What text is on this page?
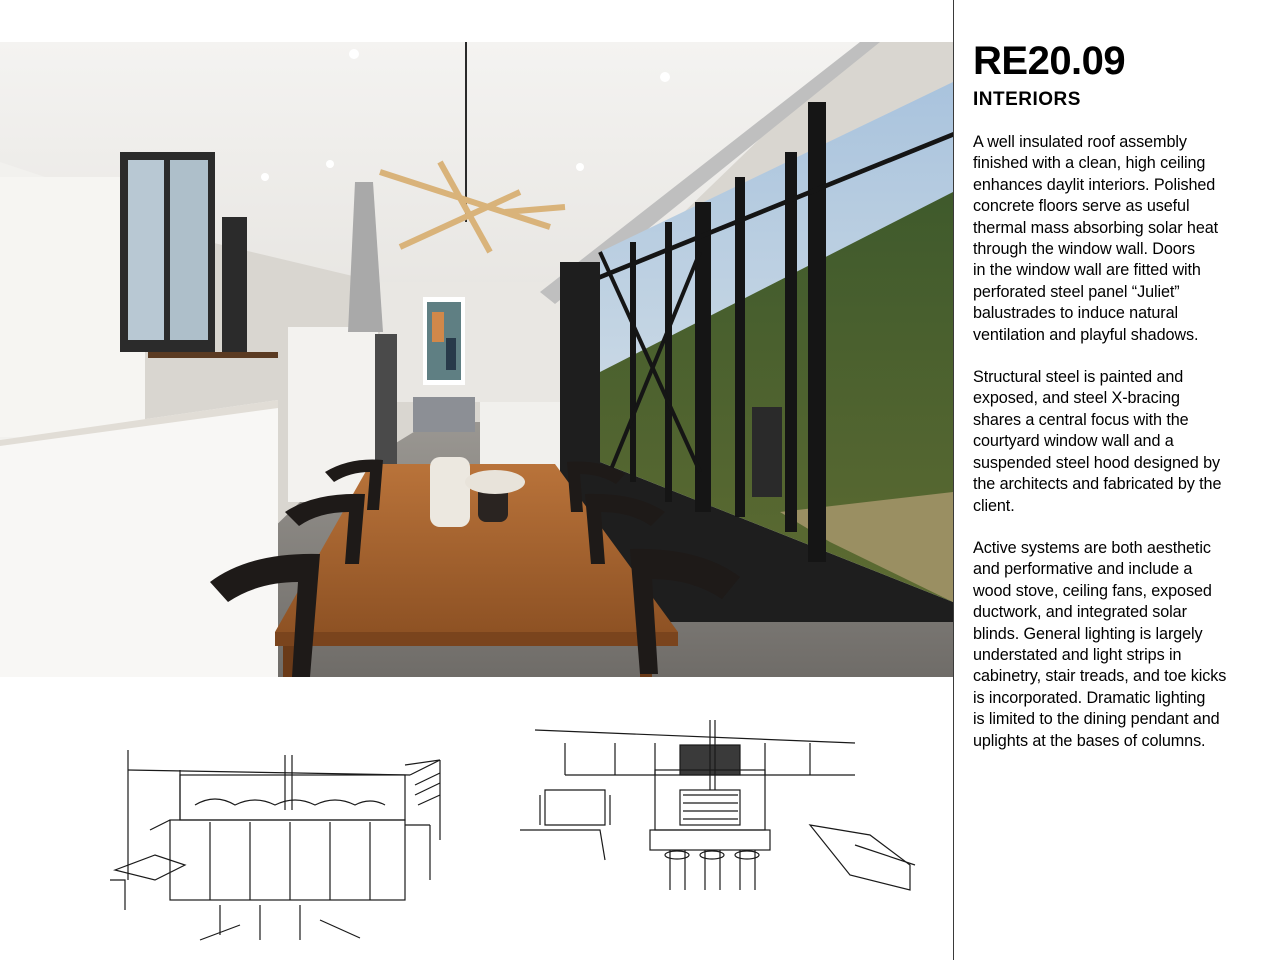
RE20.09
INTERIORS

A well insulated roof assembly
finished with a clean, high ceiling
enhances daylit interiors. Polished
concrete floors serve as useful
thermal mass absorbing solar heat
through the window wall. Doors
in the window wall are fitted with
perforated steel panel “Juliet”
balustrades to induce natural
ventilation and playful shadows.

Structural steel is painted and
exposed, and steel X-bracing
shares a central focus with the
courtyard window wall and a
suspended steel hood designed by
the architects and fabricated by the
client.

Active systems are both aesthetic
and performative and include a
wood stove, ceiling fans, exposed
ductwork, and integrated solar
blinds. General lighting is largely
understated and light strips in
cabinetry, stair treads, and toe kicks
is incorporated. Dramatic lighting
is limited to the dining pendant and
uplights at the bases of columns.
